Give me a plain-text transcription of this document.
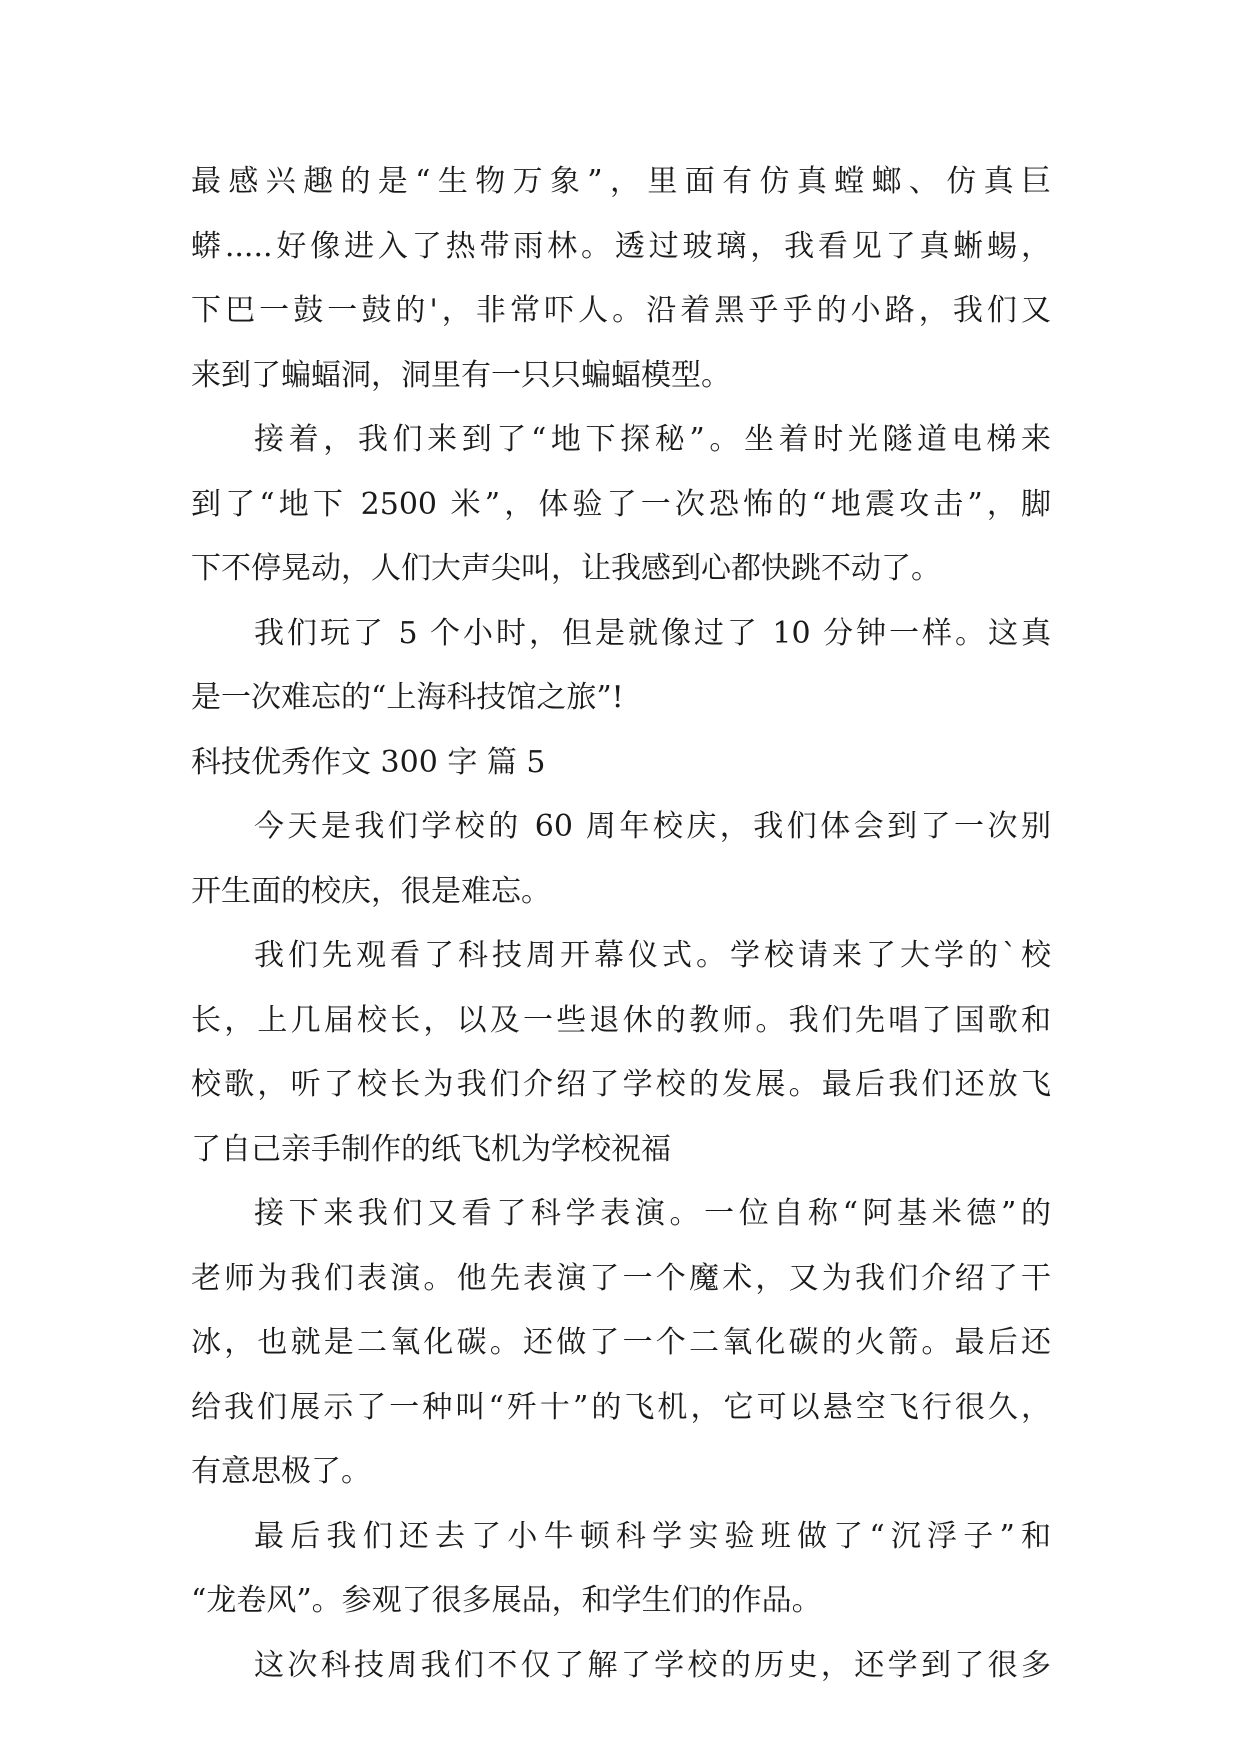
最感兴趣的是“生物万象”，里面有仿真螳螂、仿真巨
蟒.....好像进入了热带雨林。透过玻璃，我看见了真蜥蜴，
下巴一鼓一鼓的'，非常吓人。沿着黑乎乎的小路，我们又
来到了蝙蝠洞，洞里有一只只蝙蝠模型。
接着，我们来到了“地下探秘”。坐着时光隧道电梯来
到了“地下 2500 米”，体验了一次恐怖的“地震攻击”，脚
下不停晃动，人们大声尖叫，让我感到心都快跳不动了。
我们玩了 5 个小时，但是就像过了 10 分钟一样。这真
是一次难忘的“上海科技馆之旅”!
科技优秀作文 300 字 篇 5
今天是我们学校的 60 周年校庆，我们体会到了一次别
开生面的校庆，很是难忘。
我们先观看了科技周开幕仪式。学校请来了大学的`校
长，上几届校长，以及一些退休的教师。我们先唱了国歌和
校歌，听了校长为我们介绍了学校的发展。最后我们还放飞
了自己亲手制作的纸飞机为学校祝福
接下来我们又看了科学表演。一位自称“阿基米德”的
老师为我们表演。他先表演了一个魔术，又为我们介绍了干
冰，也就是二氧化碳。还做了一个二氧化碳的火箭。最后还
给我们展示了一种叫“歼十”的飞机，它可以悬空飞行很久，
有意思极了。
最后我们还去了小牛顿科学实验班做了“沉浮子”和
“龙卷风”。参观了很多展品，和学生们的作品。
这次科技周我们不仅了解了学校的历史，还学到了很多
